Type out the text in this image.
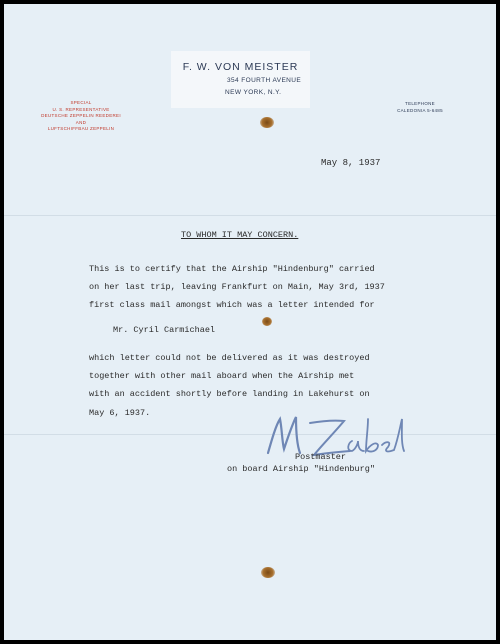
F. W. VON MEISTER
354 FOURTH AVENUE
NEW YORK, N.Y.
SPECIAL
U. S. REPRESENTATIVE
DEUTSCHE ZEPPELIN REEDEREI
AND
LUFTSCHIFFBAU ZEPPELIN
TELEPHONE
CALEDONIA 5-6485
May 8, 1937
TO WHOM IT MAY CONCERN.
This is to certify that the Airship "Hindenburg" carried
on her last trip, leaving Frankfurt on Main, May 3rd, 1937
first class mail amongst which was a letter intended for
Mr. Cyril Carmichael
which letter could not be delivered as it was destroyed
together with other mail aboard when the Airship met
with an accident shortly before landing in Lakehurst on
May 6, 1937.
Postmaster
on board Airship "Hindenburg"
